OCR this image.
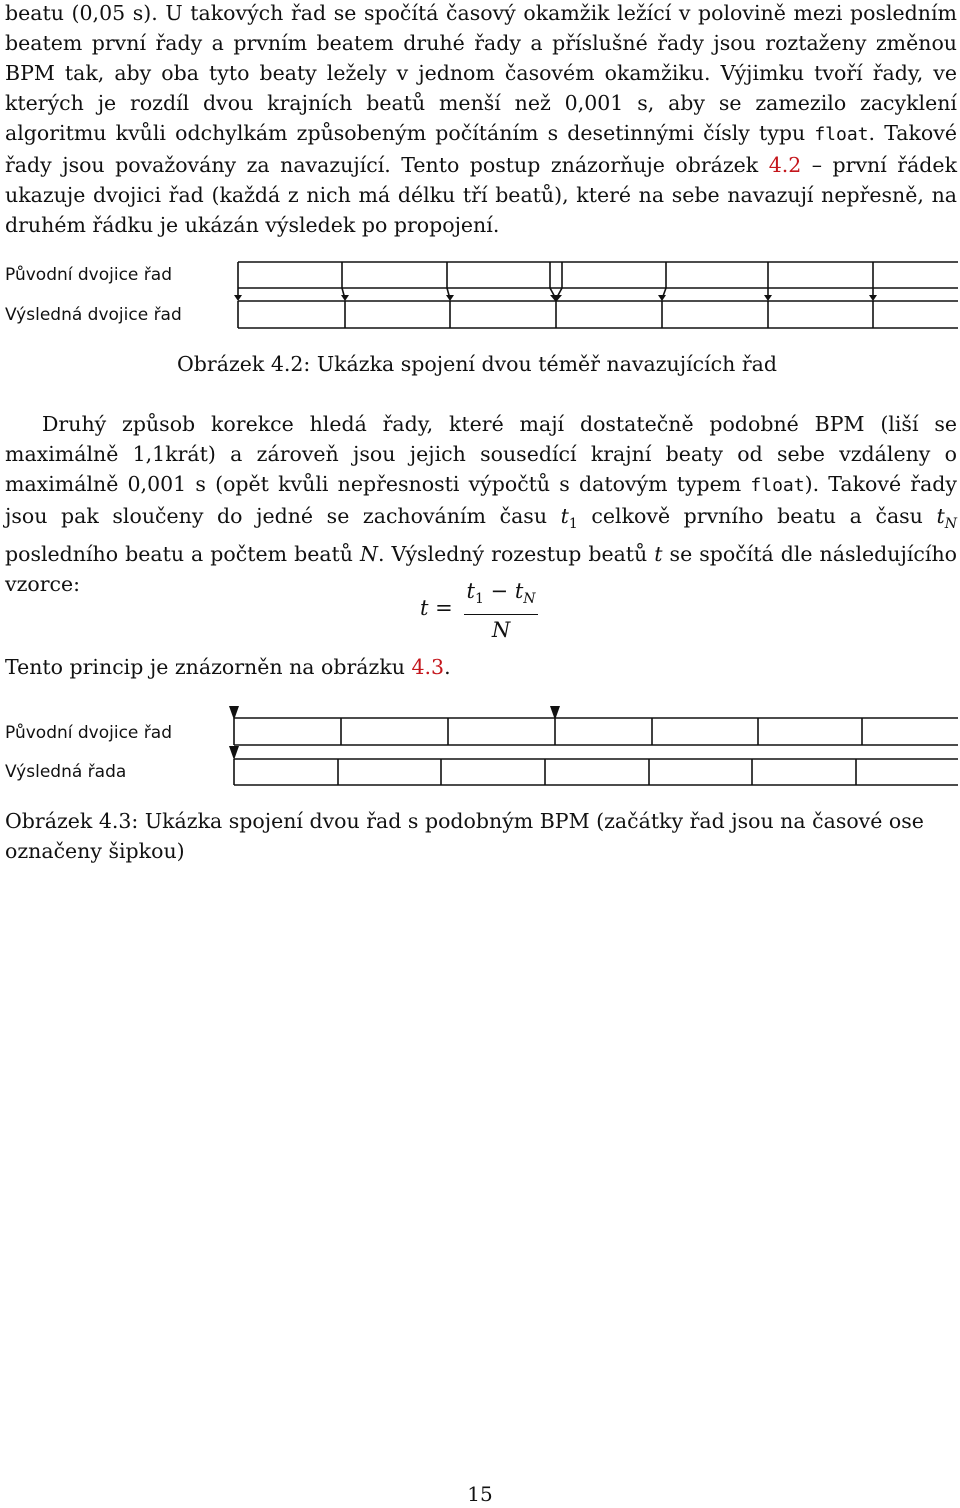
beatu (0,05 s). U takových řad se spočítá časový okamžik ležící v polovině mezi posledním beatem první řady a prvním beatem druhé řady a příslušné řady jsou roztaženy změnou BPM tak, aby oba tyto beaty ležely v jednom časovém okamžiku. Výjimku tvoří řady, ve kterých je rozdíl dvou krajních beatů menší než 0,001 s, aby se zamezilo zacyklení algoritmu kvůli odchylkám způsobeným počítáním s desetinnými čísly typu float. Takové řady jsou považovány za navazující. Tento postup znázorňuje obrázek 4.2 – první řádek ukazuje dvojici řad (každá z nich má délku tří beatů), které na sebe navazují nepřesně, na druhém řádku je ukázán výsledek po propojení.

Původní dvojice řad
Výsledná dvojice řad

Obrázek 4.2: Ukázka spojení dvou téměř navazujících řad

Druhý způsob korekce hledá řady, které mají dostatečně podobné BPM (liší se maximálně 1,1krát) a zároveň jsou jejich sousedící krajní beaty od sebe vzdáleny o maximálně 0,001 s (opět kvůli nepřesnosti výpočtů s datovým typem float). Takové řady jsou pak sloučeny do jedné se zachováním času $t_1$ celkově prvního beatu a času $t_N$ posledního beatu a počtem beatů N. Výsledný rozestup beatů t se spočítá dle následujícího vzorce:

t =
$t_1 - t_N$
N

Tento princip je znázorněn na obrázku 4.3.

Původní dvojice řad
Výsledná řada

Obrázek 4.3: Ukázka spojení dvou řad s podobným BPM (začátky řad jsou na časové ose označeny šipkou)

15
